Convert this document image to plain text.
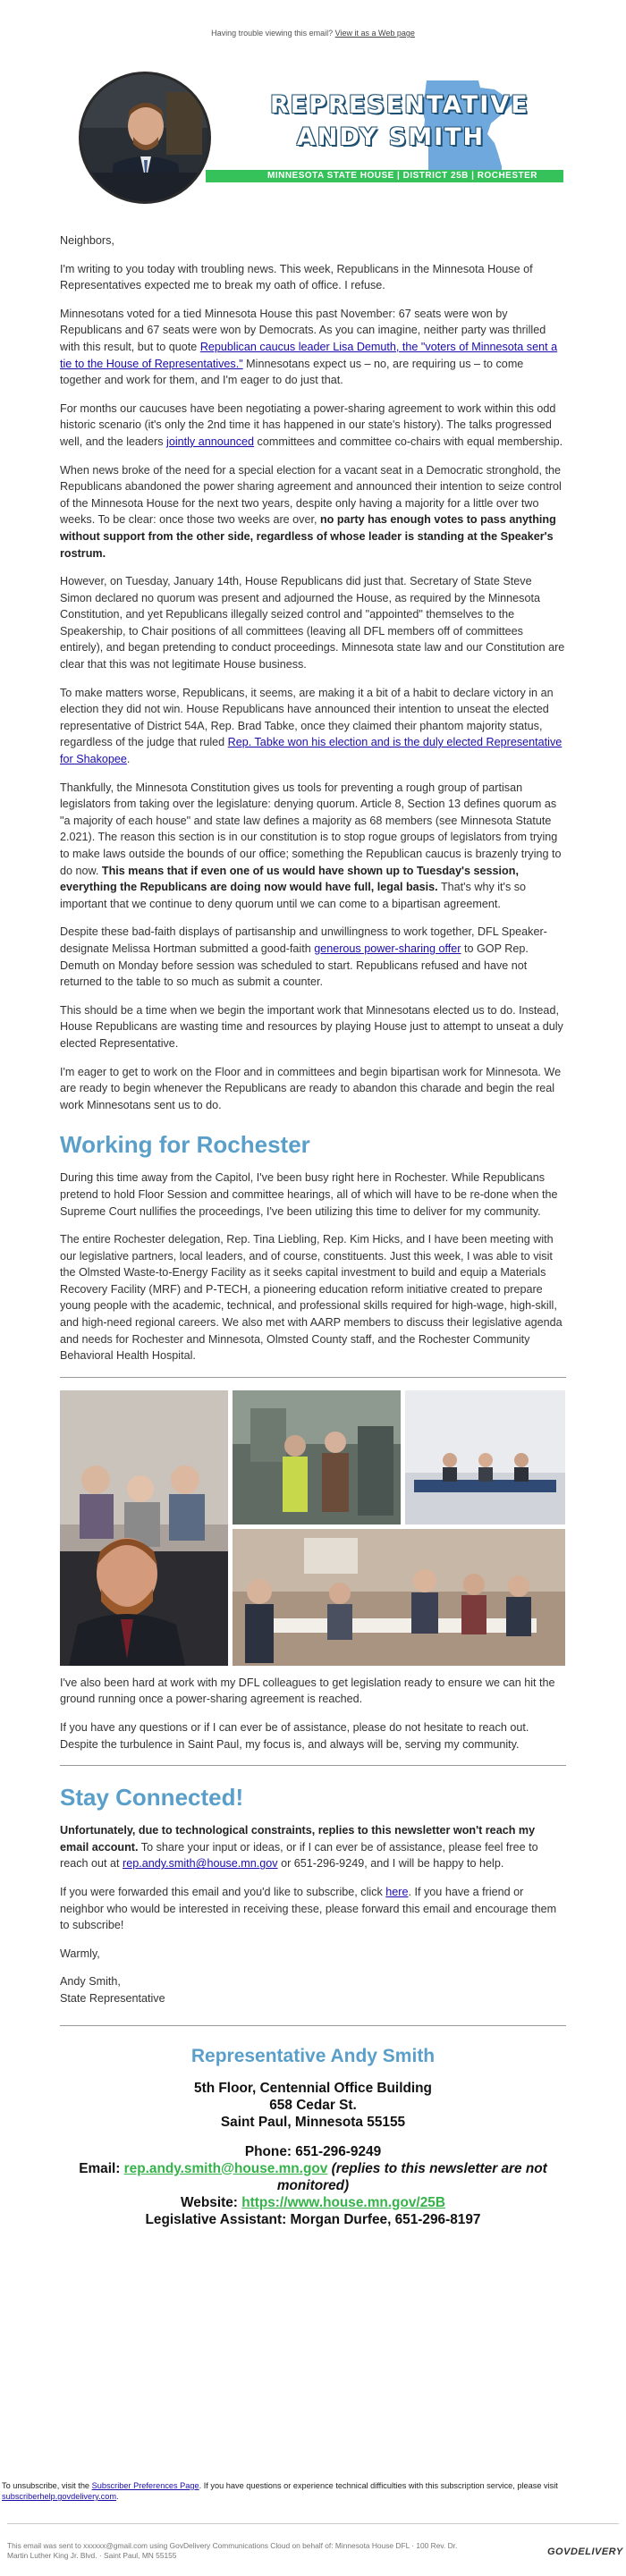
Having trouble viewing this email? View it as a Web page
REPRESENTATIVE
ANDY SMITH
MINNESOTA STATE HOUSE | DISTRICT 25B | ROCHESTER

Neighbors,

I'm writing to you today with troubling news. This week, Republicans in the Minnesota House of Representatives expected me to break my oath of office. I refuse.

Minnesotans voted for a tied Minnesota House this past November: 67 seats were won by Republicans and 67 seats were won by Democrats. As you can imagine, neither party was thrilled with this result, but to quote Republican caucus leader Lisa Demuth, the "voters of Minnesota sent a tie to the House of Representatives." Minnesotans expect us – no, are requiring us – to come together and work for them, and I'm eager to do just that.

For months our caucuses have been negotiating a power-sharing agreement to work within this odd historic scenario (it's only the 2nd time it has happened in our state's history). The talks progressed well, and the leaders jointly announced committees and committee co-chairs with equal membership.

When news broke of the need for a special election for a vacant seat in a Democratic stronghold, the Republicans abandoned the power sharing agreement and announced their intention to seize control of the Minnesota House for the next two years, despite only having a majority for a little over two weeks. To be clear: once those two weeks are over, no party has enough votes to pass anything without support from the other side, regardless of whose leader is standing at the Speaker's rostrum.

However, on Tuesday, January 14th, House Republicans did just that. Secretary of State Steve Simon declared no quorum was present and adjourned the House, as required by the Minnesota Constitution, and yet Republicans illegally seized control and "appointed" themselves to the Speakership, to Chair positions of all committees (leaving all DFL members off of committees entirely), and began pretending to conduct proceedings. Minnesota state law and our Constitution are clear that this was not legitimate House business.

To make matters worse, Republicans, it seems, are making it a bit of a habit to declare victory in an election they did not win. House Republicans have announced their intention to unseat the elected representative of District 54A, Rep. Brad Tabke, once they claimed their phantom majority status, regardless of the judge that ruled Rep. Tabke won his election and is the duly elected Representative for Shakopee.

Thankfully, the Minnesota Constitution gives us tools for preventing a rough group of partisan legislators from taking over the legislature: denying quorum. Article 8, Section 13 defines quorum as "a majority of each house" and state law defines a majority as 68 members (see Minnesota Statute 2.021). The reason this section is in our constitution is to stop rogue groups of legislators from trying to make laws outside the bounds of our office; something the Republican caucus is brazenly trying to do now. This means that if even one of us would have shown up to Tuesday's session, everything the Republicans are doing now would have full, legal basis. That's why it's so important that we continue to deny quorum until we can come to a bipartisan agreement.

Despite these bad-faith displays of partisanship and unwillingness to work together, DFL Speaker-designate Melissa Hortman submitted a good-faith generous power-sharing offer to GOP Rep. Demuth on Monday before session was scheduled to start. Republicans refused and have not returned to the table to so much as submit a counter.

This should be a time when we begin the important work that Minnesotans elected us to do. Instead, House Republicans are wasting time and resources by playing House just to attempt to unseat a duly elected Representative.

I'm eager to get to work on the Floor and in committees and begin bipartisan work for Minnesota. We are ready to begin whenever the Republicans are ready to abandon this charade and begin the real work Minnesotans sent us to do.

Working for Rochester

During this time away from the Capitol, I've been busy right here in Rochester. While Republicans pretend to hold Floor Session and committee hearings, all of which will have to be re-done when the Supreme Court nullifies the proceedings, I've been utilizing this time to deliver for my community.

The entire Rochester delegation, Rep. Tina Liebling, Rep. Kim Hicks, and I have been meeting with our legislative partners, local leaders, and of course, constituents. Just this week, I was able to visit the Olmsted Waste-to-Energy Facility as it seeks capital investment to build and equip a Materials Recovery Facility (MRF) and P-TECH, a pioneering education reform initiative created to prepare young people with the academic, technical, and professional skills required for high-wage, high-skill, and high-need regional careers. We also met with AARP members to discuss their legislative agenda and needs for Rochester and Minnesota, Olmsted County staff, and the Rochester Community Behavioral Health Hospital.

I've also been hard at work with my DFL colleagues to get legislation ready to ensure we can hit the ground running once a power-sharing agreement is reached.

If you have any questions or if I can ever be of assistance, please do not hesitate to reach out. Despite the turbulence in Saint Paul, my focus is, and always will be, serving my community.

Stay Connected!

Unfortunately, due to technological constraints, replies to this newsletter won't reach my email account. To share your input or ideas, or if I can ever be of assistance, please feel free to reach out at rep.andy.smith@house.mn.gov or 651-296-9249, and I will be happy to help.

If you were forwarded this email and you'd like to subscribe, click here. If you have a friend or neighbor who would be interested in receiving these, please forward this email and encourage them to subscribe!

Warmly,

Andy Smith,
State Representative

Representative Andy Smith
5th Floor, Centennial Office Building
658 Cedar St.
Saint Paul, Minnesota 55155
Phone: 651-296-9249
Email: rep.andy.smith@house.mn.gov (replies to this newsletter are not monitored)
Website: https://www.house.mn.gov/25B
Legislative Assistant: Morgan Durfee, 651-296-8197
To unsubscribe, visit the Subscriber Preferences Page. If you have questions or experience technical difficulties with this subscription service, please visit subscriberhelp.govdelivery.com.
This email was sent to xxxxxx@gmail.com using GovDelivery Communications Cloud on behalf of: Minnesota House DFL · 100 Rev. Dr. Martin Luther King Jr. Blvd. · Saint Paul, MN 55155	GOVDELIVERY
